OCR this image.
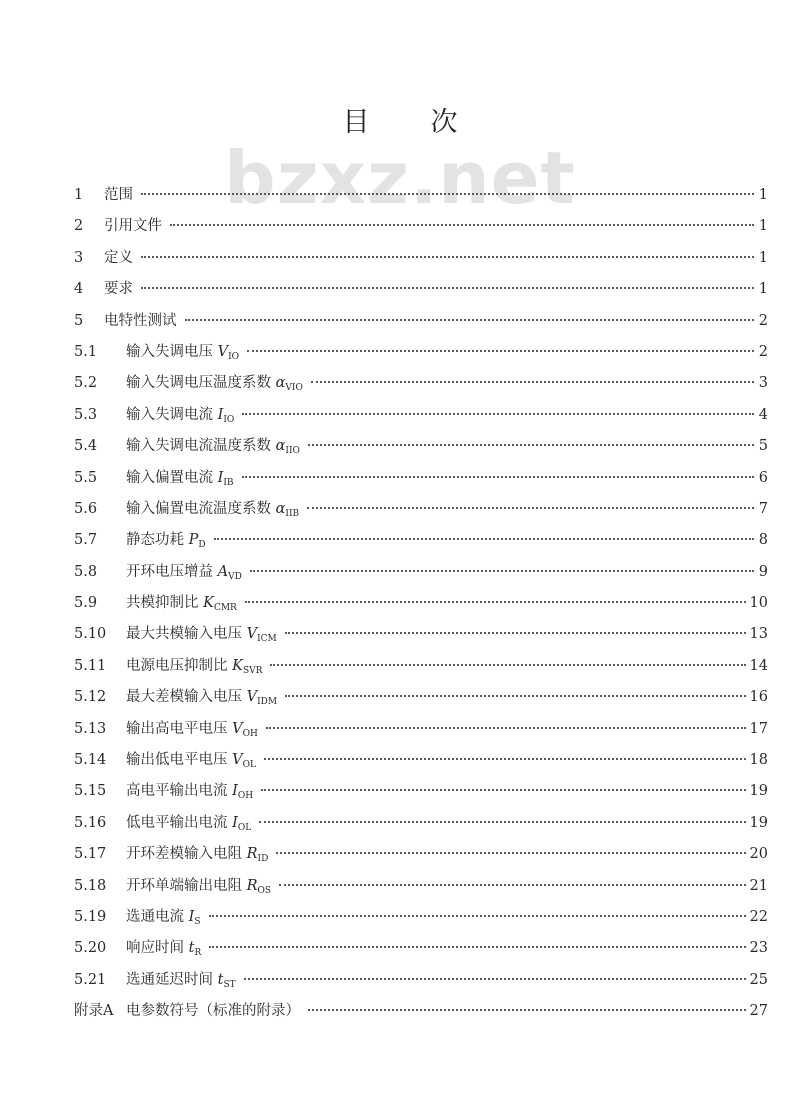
bzxz.net
目 次
1	范围	1
2	引用文件	1
3	定义	1
4	要求	1
5	电特性测试	2
5.1	输入失调电压 $V_{IO}$	2
5.2	输入失调电压温度系数 $\alpha_{VIO}$	3
5.3	输入失调电流 $I_{IO}$	4
5.4	输入失调电流温度系数 $\alpha_{IIO}$	5
5.5	输入偏置电流 $I_{IB}$	6
5.6	输入偏置电流温度系数 $\alpha_{IIB}$	7
5.7	静态功耗 $P_D$	8
5.8	开环电压增益 $A_{VD}$	9
5.9	共模抑制比 $K_{CMR}$	10
5.10	最大共模输入电压 $V_{ICM}$	13
5.11	电源电压抑制比 $K_{SVR}$	14
5.12	最大差模输入电压 $V_{IDM}$	16
5.13	输出高电平电压 $V_{OH}$	17
5.14	输出低电平电压 $V_{OL}$	18
5.15	高电平输出电流 $I_{OH}$	19
5.16	低电平输出电流 $I_{OL}$	19
5.17	开环差模输入电阻 $R_{ID}$	20
5.18	开环单端输出电阻 $R_{OS}$	21
5.19	选通电流 $I_S$	22
5.20	响应时间 $t_R$	23
5.21	选通延迟时间 $t_{ST}$	25
附录A 电参数符号（标准的附录）	27
